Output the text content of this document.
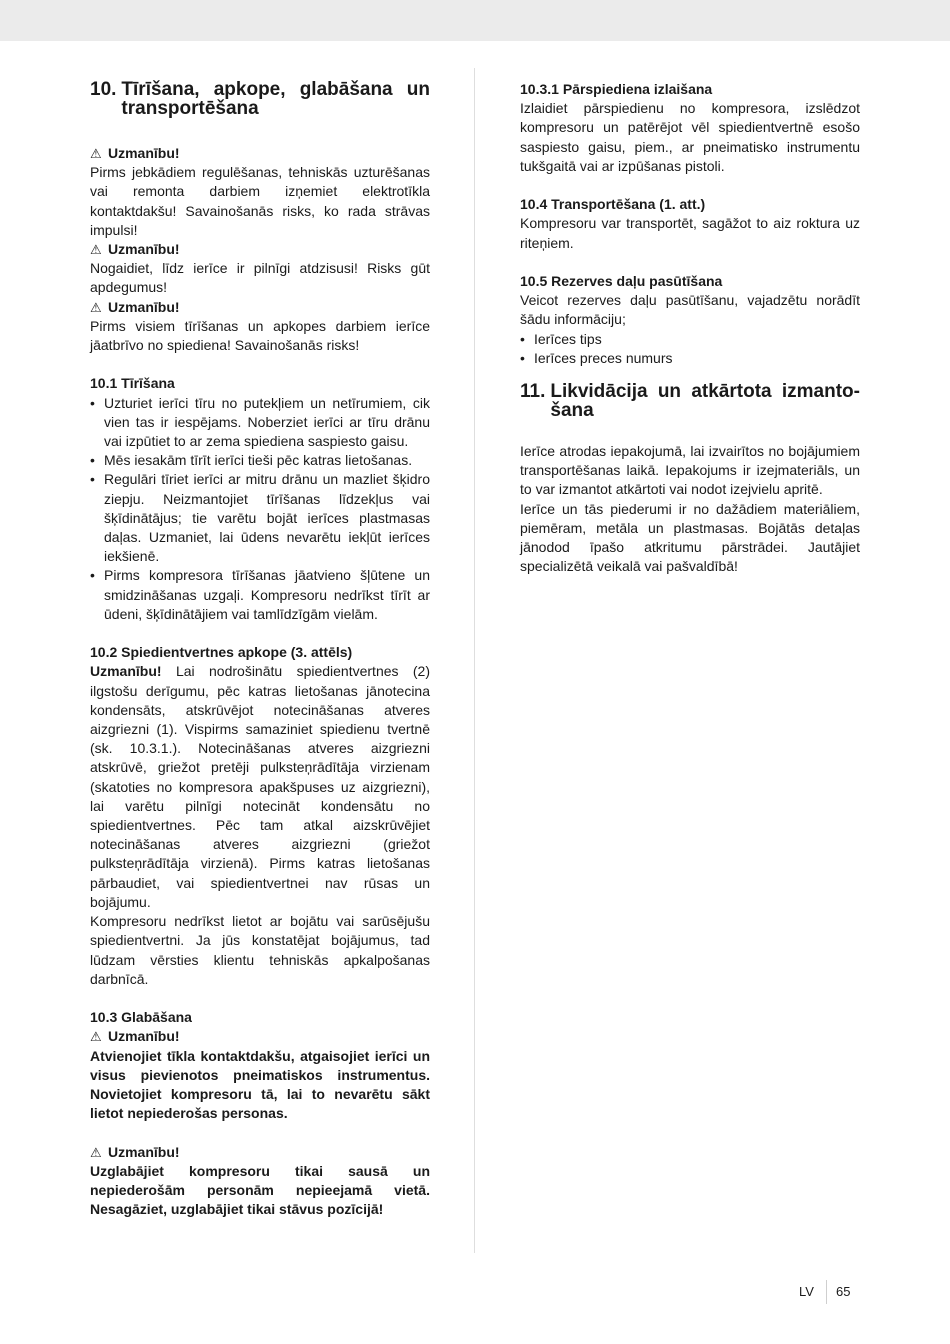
10. Tīrīšana, apkope, glabāšana un
transportēšana
⚠ Uzmanību!

Pirms jebkādiem regulēšanas, tehniskās uzturēšanas vai remonta darbiem izņemiet elektrotīkla kontaktdakšu! Savainošanās risks, ko rada strāvas impulsi!

⚠ Uzmanību!

Nogaidiet, līdz ierīce ir pilnīgi atdzisusi! Risks gūt apdegumus!

⚠ Uzmanību!

Pirms visiem tīrīšanas un apkopes darbiem ierīce jāatbrīvo no spiediena! Savainošanās risks!

10.1 Tīrīšana

• Uzturiet ierīci tīru no putekļiem un netīrumiem, cik vien tas ir iespējams. Noberziet ierīci ar tīru drānu vai izpūtiet to ar zema spiediena saspiesto gaisu.
• Mēs iesakām tīrīt ierīci tieši pēc katras lietošanas.
• Regulāri tīriet ierīci ar mitru drānu un mazliet šķidro ziepju. Neizmantojiet tīrīšanas līdzekļus vai šķīdinātājus; tie varētu bojāt ierīces plastmasas daļas. Uzmaniet, lai ūdens nevarētu iekļūt ierīces iekšienē.
• Pirms kompresora tīrīšanas jāatvieno šļūtene un smidzināšanas uzgaļi. Kompresoru nedrīkst tīrīt ar ūdeni, šķīdinātājiem vai tamlīdzīgām vielām.

10.2 Spiedientvertnes apkope (3. attēls)

Uzmanību! Lai nodrošinātu spiedientvertnes (2) ilgstošu derīgumu, pēc katras lietošanas jānotecina kondensāts, atskrūvējot notecināšanas atveres aizgriezni (1). Vispirms samaziniet spiedienu tvertnē (sk. 10.3.1.). Notecināšanas atveres aizgriezni atskrūvē, griežot pretēji pulksteņrādītāja virzienam (skatoties no kompresora apakšpuses uz aizgriezni), lai varētu pilnīgi notecināt kondensātu no spiedientvertnes. Pēc tam atkal aizskrūvējiet notecināšanas atveres aizgriezni (griežot pulksteņrādītāja virzienā). Pirms katras lietošanas pārbaudiet, vai spiedientvertnei nav rūsas un bojājumu.

Kompresoru nedrīkst lietot ar bojātu vai sarūsējušu spiedientvertni. Ja jūs konstatējat bojājumus, tad lūdzam vērsties klientu tehniskās apkalpošanas darbnīcā.

10.3 Glabāšana

⚠ Uzmanību!

Atvienojiet tīkla kontaktdakšu, atgaisojiet ierīci un visus pievienotos pneimatiskos instrumentus. Novietojiet kompresoru tā, lai to nevarētu sākt lietot nepiederošas personas.

⚠ Uzmanību!

Uzglabājiet kompresoru tikai sausā un nepiederošām personām nepieejamā vietā. Nesagāziet, uzglabājiet tikai stāvus pozīcijā!

10.3.1 Pārspiediena izlaišana

Izlaidiet pārspiedienu no kompresora, izslēdzot kompresoru un patērējot vēl spiedientvertnē esošo saspiesto gaisu, piem., ar pneimatisko instrumentu tukšgaitā vai ar izpūšanas pistoli.

10.4 Transportēšana (1. att.)

Kompresoru var transportēt, sagāžot to aiz roktura uz riteņiem.

10.5 Rezerves daļu pasūtīšana

Veicot rezerves daļu pasūtīšanu, vajadzētu norādīt šādu informāciju;

• Ierīces tips
• Ierīces preces numurs
11. Likvidācija un atkārtota izmanto-
šana

Ierīce atrodas iepakojumā, lai izvairītos no bojājumiem transportēšanas laikā. Iepakojums ir izejmateriāls, un to var izmantot atkārtoti vai nodot izejvielu apritē.

Ierīce un tās piederumi ir no dažādiem materiāliem, piemēram, metāla un plastmasas. Bojātās detaļas jānodod īpašo atkritumu pārstrādei. Jautājiet specializētā veikalā vai pašvaldībā!

LV 65
